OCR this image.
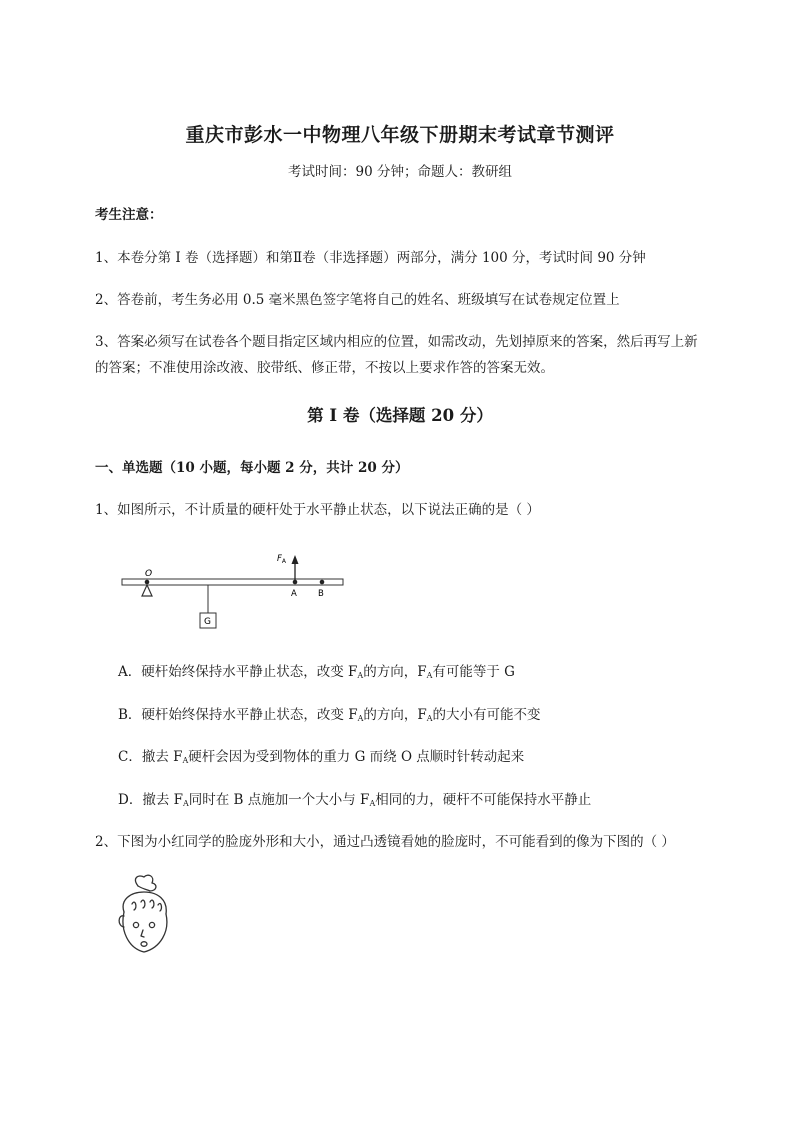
重庆市彭水一中物理八年级下册期末考试章节测评
考试时间：90 分钟；命题人：教研组
考生注意：
1、本卷分第 I 卷（选择题）和第Ⅱ卷（非选择题）两部分，满分 100 分，考试时间 90 分钟
2、答卷前，考生务必用 0.5 毫米黑色签字笔将自己的姓名、班级填写在试卷规定位置上
3、答案必须写在试卷各个题目指定区域内相应的位置，如需改动，先划掉原来的答案，然后再写上新
的答案；不准使用涂改液、胶带纸、修正带，不按以上要求作答的答案无效。
第 I 卷（选择题 20 分）
一、单选题（10 小题，每小题 2 分，共计 20 分）
1、如图所示，不计质量的硬杆处于水平静止状态，以下说法正确的是（ ）
O
G
$F_A$
A B
A．硬杆始终保持水平静止状态，改变 $F_A$的方向，$F_A$有可能等于 G
B．硬杆始终保持水平静止状态，改变 $F_A$的方向，$F_A$的大小有可能不变
C．撤去 $F_A$硬杆会因为受到物体的重力 G 而绕 O 点顺时针转动起来
D．撤去 $F_A$同时在 B 点施加一个大小与 $F_A$相同的力，硬杆不可能保持水平静止
2、下图为小红同学的脸庞外形和大小，通过凸透镜看她的脸庞时，不可能看到的像为下图的（ ）
